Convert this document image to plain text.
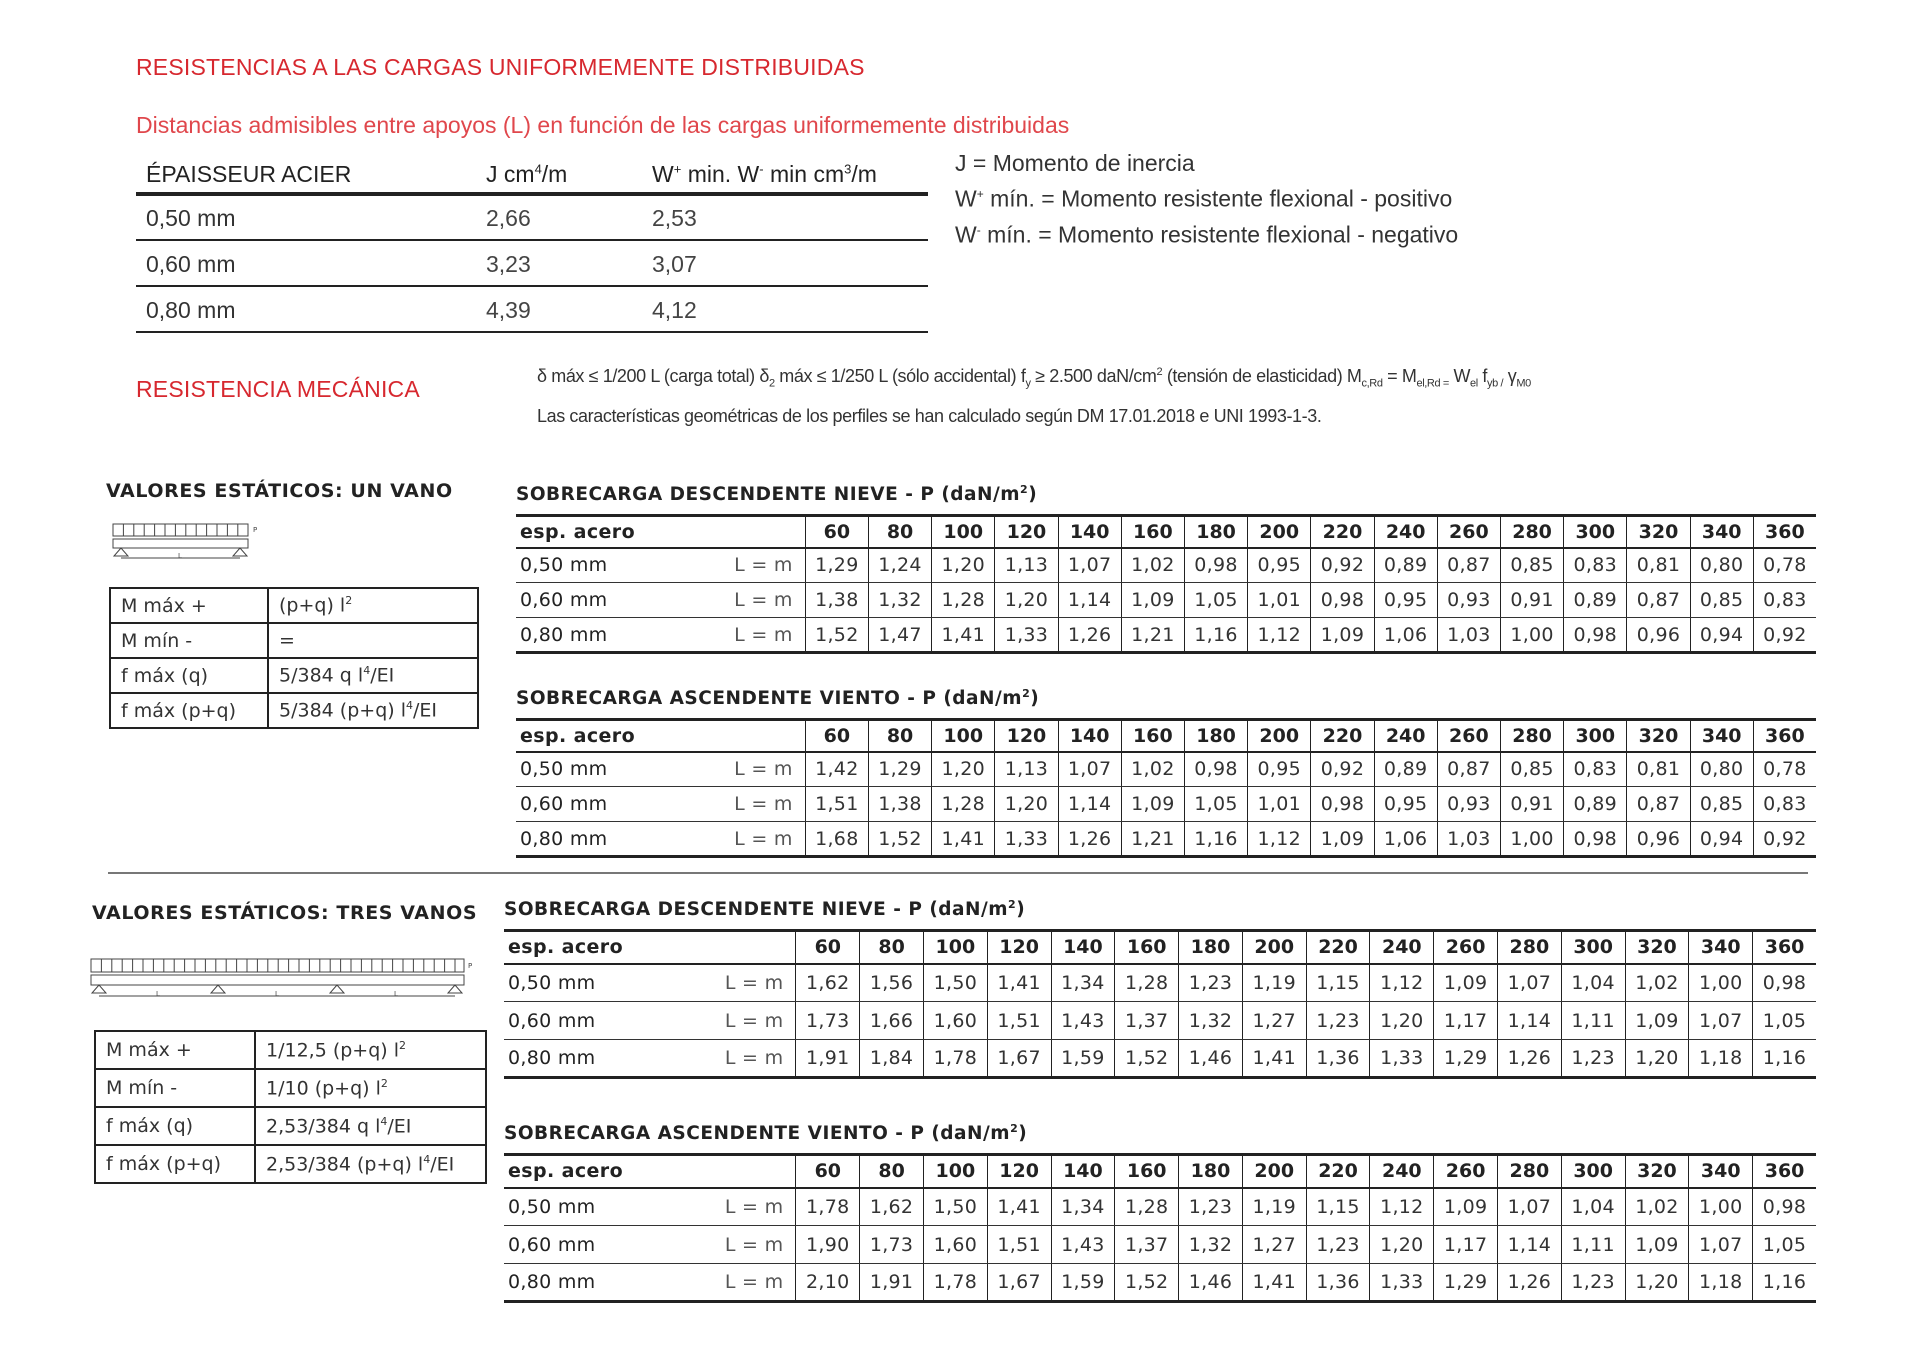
RESISTENCIAS A LAS CARGAS UNIFORMEMENTE DISTRIBUIDAS
Distancias admisibles entre apoyos (L) en función de las cargas uniformemente distribuidas
ÉPAISSEUR ACIER	J $cm^4/m$	W+ min. W- $\min cm^3/m$
0,50 mm	2,66	2,53
0,60 mm	3,23	3,07
0,80 mm	4,39	4,12
J = Momento de inercia
W+ mín. = Momento resistente flexional - positivo
W- mín. = Momento resistente flexional - negativo
RESISTENCIA MECÁNICA	δ máx ≤ 1/200 L (carga total) $\delta_2$ máx ≤ 1/250 L (sólo accidental) $f_y \ge 2.500$ daN/$cm^2$ (tensión de elasticidad) $M_{c,Rd} = M_{el,Rd =}$ $W_{el}$ $f_{yb /}$ $\gamma_{M0}$
Las características geométricas de los perfiles se han calculado según DM 17.01.2018 e UNI 1993-1-3.
VALORES ESTÁTICOS: UN VANO
P
L
M máx +	(p+q) $l^2$
M mín -	=
f máx (q)	5/384 q $l^4/EI$
f máx (p+q)	5/384 (p+q) $l^4/EI$
SOBRECARGA DESCENDENTE NIEVE - P $(daN/m^2)$
esp. acero		60	80	100	120	140	160	180	200	220	240	260	280	300	320	340	360
0,50 mm	L = m	1,29	1,24	1,20	1,13	1,07	1,02	0,98	0,95	0,92	0,89	0,87	0,85	0,83	0,81	0,80	0,78
0,60 mm	L = m	1,38	1,32	1,28	1,20	1,14	1,09	1,05	1,01	0,98	0,95	0,93	0,91	0,89	0,87	0,85	0,83
0,80 mm	L = m	1,52	1,47	1,41	1,33	1,26	1,21	1,16	1,12	1,09	1,06	1,03	1,00	0,98	0,96	0,94	0,92
SOBRECARGA ASCENDENTE VIENTO - P $(daN/m^2)$
esp. acero		60	80	100	120	140	160	180	200	220	240	260	280	300	320	340	360
0,50 mm	L = m	1,42	1,29	1,20	1,13	1,07	1,02	0,98	0,95	0,92	0,89	0,87	0,85	0,83	0,81	0,80	0,78
0,60 mm	L = m	1,51	1,38	1,28	1,20	1,14	1,09	1,05	1,01	0,98	0,95	0,93	0,91	0,89	0,87	0,85	0,83
0,80 mm	L = m	1,68	1,52	1,41	1,33	1,26	1,21	1,16	1,12	1,09	1,06	1,03	1,00	0,98	0,96	0,94	0,92
VALORES ESTÁTICOS: TRES VANOS
P
L	L	L
M máx +	1/12,5 (p+q) $l^2$
M mín -	1/10 (p+q) $l^2$
f máx (q)	2,53/384 q $l^4/EI$
f máx (p+q)	2,53/384 (p+q) $l^4/EI$
SOBRECARGA DESCENDENTE NIEVE - P $(daN/m^2)$
esp. acero		60	80	100	120	140	160	180	200	220	240	260	280	300	320	340	360
0,50 mm	L = m	1,62	1,56	1,50	1,41	1,34	1,28	1,23	1,19	1,15	1,12	1,09	1,07	1,04	1,02	1,00	0,98
0,60 mm	L = m	1,73	1,66	1,60	1,51	1,43	1,37	1,32	1,27	1,23	1,20	1,17	1,14	1,11	1,09	1,07	1,05
0,80 mm	L = m	1,91	1,84	1,78	1,67	1,59	1,52	1,46	1,41	1,36	1,33	1,29	1,26	1,23	1,20	1,18	1,16
SOBRECARGA ASCENDENTE VIENTO - P $(daN/m^2)$
esp. acero		60	80	100	120	140	160	180	200	220	240	260	280	300	320	340	360
0,50 mm	L = m	1,78	1,62	1,50	1,41	1,34	1,28	1,23	1,19	1,15	1,12	1,09	1,07	1,04	1,02	1,00	0,98
0,60 mm	L = m	1,90	1,73	1,60	1,51	1,43	1,37	1,32	1,27	1,23	1,20	1,17	1,14	1,11	1,09	1,07	1,05
0,80 mm	L = m	2,10	1,91	1,78	1,67	1,59	1,52	1,46	1,41	1,36	1,33	1,29	1,26	1,23	1,20	1,18	1,16
